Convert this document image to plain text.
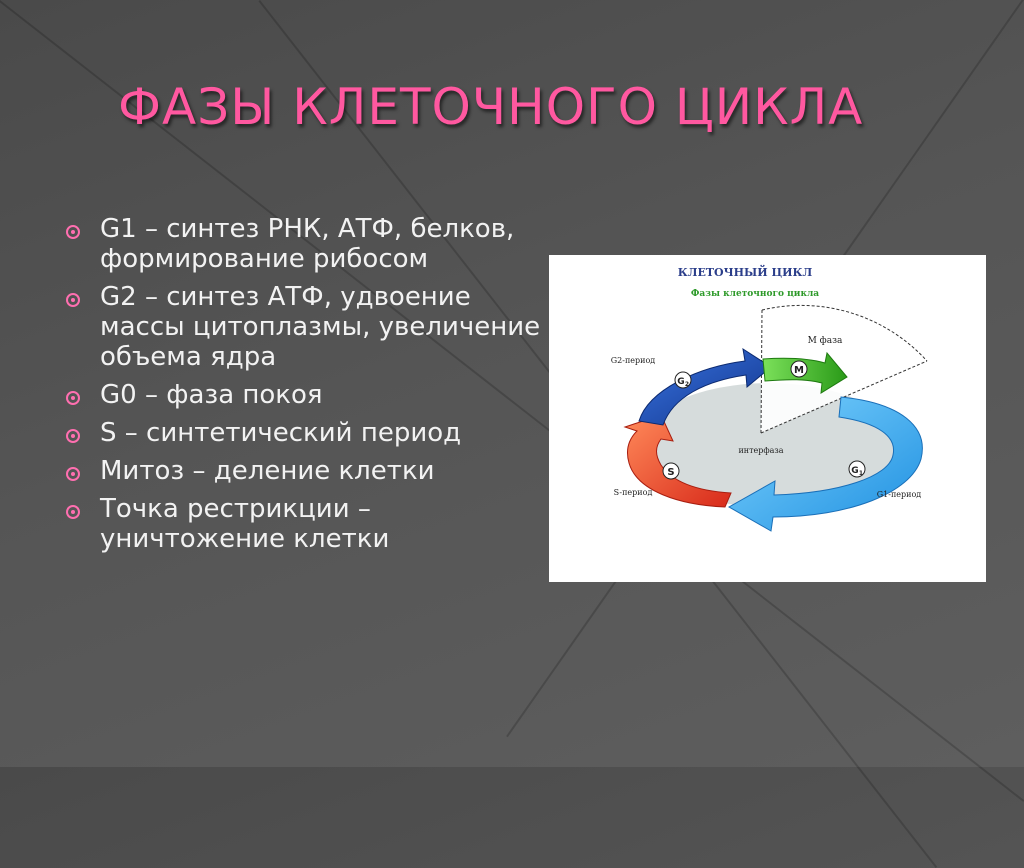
ФАЗЫ КЛЕТОЧНОГО ЦИКЛА
G1 – синтез РНК, АТФ, белков, формирование рибосом
G2 – синтез АТФ, удвоение массы цитоплазмы, увеличение объема ядра
G0 – фаза покоя
S – синтетический период
Митоз – деление клетки
Точка рестрикции – уничтожение клетки
КЛЕТОЧНЫЙ ЦИКЛ
Фазы клеточного цикла
M
G 2
S	G 1
М фаза
G2-период
интерфаза
S-период	G1-период
